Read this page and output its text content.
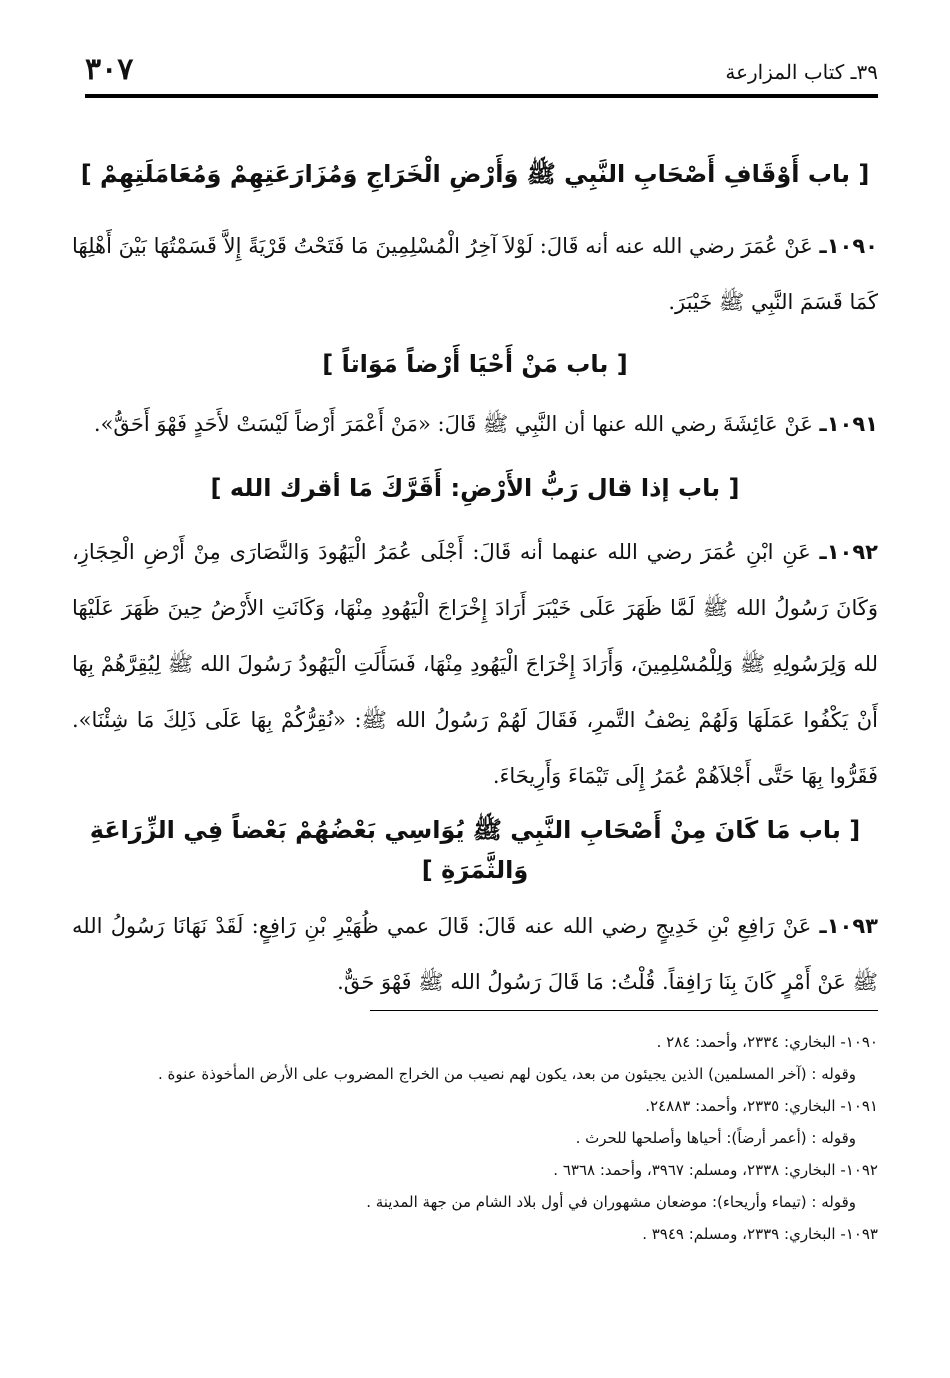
٣٩ـ كتاب المزارعة
٣٠٧
[ باب أَوْقَافِ أَصْحَابِ النَّبِي ﷺ وَأَرْضِ الْخَرَاجِ وَمُزَارَعَتِهِمْ وَمُعَامَلَتِهِمْ ]

١٠٩٠ـ عَنْ عُمَرَ رضي الله عنه أنه قَالَ: لَوْلاَ آخِرُ الْمُسْلِمِينَ مَا فَتَحْتُ قَرْيَةً إِلاَّ قَسَمْتُهَا بَيْنَ أَهْلِهَا كَمَا قَسَمَ النَّبِي ﷺ خَيْبَرَ.

[ باب مَنْ أَحْيَا أَرْضاً مَوَاتاً ]

١٠٩١ـ عَنْ عَائِشَةَ رضي الله عنها أن النَّبِي ﷺ قَالَ: «مَنْ أَعْمَرَ أَرْضاً لَيْسَتْ لأَحَدٍ فَهْوَ أَحَقُّ».

[ باب إذا قال رَبُّ الأَرْضِ: أَقَرَّكَ مَا أقرك الله ]

١٠٩٢ـ عَنِ ابْنِ عُمَرَ رضي الله عنهما أنه قَالَ: أَجْلَى عُمَرُ الْيَهُودَ وَالنَّصَارَى مِنْ أَرْضِ الْحِجَازِ، وَكَانَ رَسُولُ الله ﷺ لَمَّا ظَهَرَ عَلَى خَيْبَرَ أَرَادَ إِخْرَاجَ الْيَهُودِ مِنْهَا، وَكَانَتِ الأَرْضُ حِينَ ظَهَرَ عَلَيْهَا لله وَلِرَسُولِهِ ﷺ وَلِلْمُسْلِمِينَ، وَأَرَادَ إِخْرَاجَ الْيَهُودِ مِنْهَا، فَسَأَلَتِ الْيَهُودُ رَسُولَ الله ﷺ لِيُقِرَّهُمْ بِهَا أَنْ يَكْفُوا عَمَلَهَا وَلَهُمْ نِصْفُ التَّمرِ، فَقَالَ لَهُمْ رَسُولُ الله ﷺ: «نُقِرُّكُمْ بِهَا عَلَى ذَلِكَ مَا شِئْنَا». فَقَرُّوا بِهَا حَتَّى أَجْلاَهُمْ عُمَرُ إِلَى تَيْمَاءَ وَأَرِيحَاءَ.

[ باب مَا كَانَ مِنْ أَصْحَابِ النَّبِي ﷺ يُوَاسِي بَعْضُهُمْ بَعْضاً فِي الزِّرَاعَةِ وَالثَّمَرَةِ ]

١٠٩٣ـ عَنْ رَافِعِ بْنِ خَدِيجٍ رضي الله عنه قَالَ: قَالَ عمي ظُهَيْرِ بْنِ رَافِعٍ: لَقَدْ نَهَانَا رَسُولُ الله ﷺ عَنْ أَمْرٍ كَانَ بِنَا رَافِقاً. قُلْتُ: مَا قَالَ رَسُولُ الله ﷺ فَهْوَ حَقٌّ.

١٠٩٠- البخاري: ٢٣٣٤، وأحمد: ٢٨٤ .

وقوله : (آخر المسلمين) الذين يجيئون من بعد، يكون لهم نصيب من الخراج المضروب على الأرض المأخوذة عنوة .

١٠٩١- البخاري: ٢٣٣٥، وأحمد: ٢٤٨٨٣.

وقوله : (أعمر أرضاً): أحياها وأصلحها للحرث .

١٠٩٢- البخاري: ٢٣٣٨، ومسلم: ٣٩٦٧، وأحمد: ٦٣٦٨ .

وقوله : (تيماء وأريحاء): موضعان مشهوران في أول بلاد الشام من جهة المدينة .

١٠٩٣- البخاري: ٢٣٣٩، ومسلم: ٣٩٤٩ .
